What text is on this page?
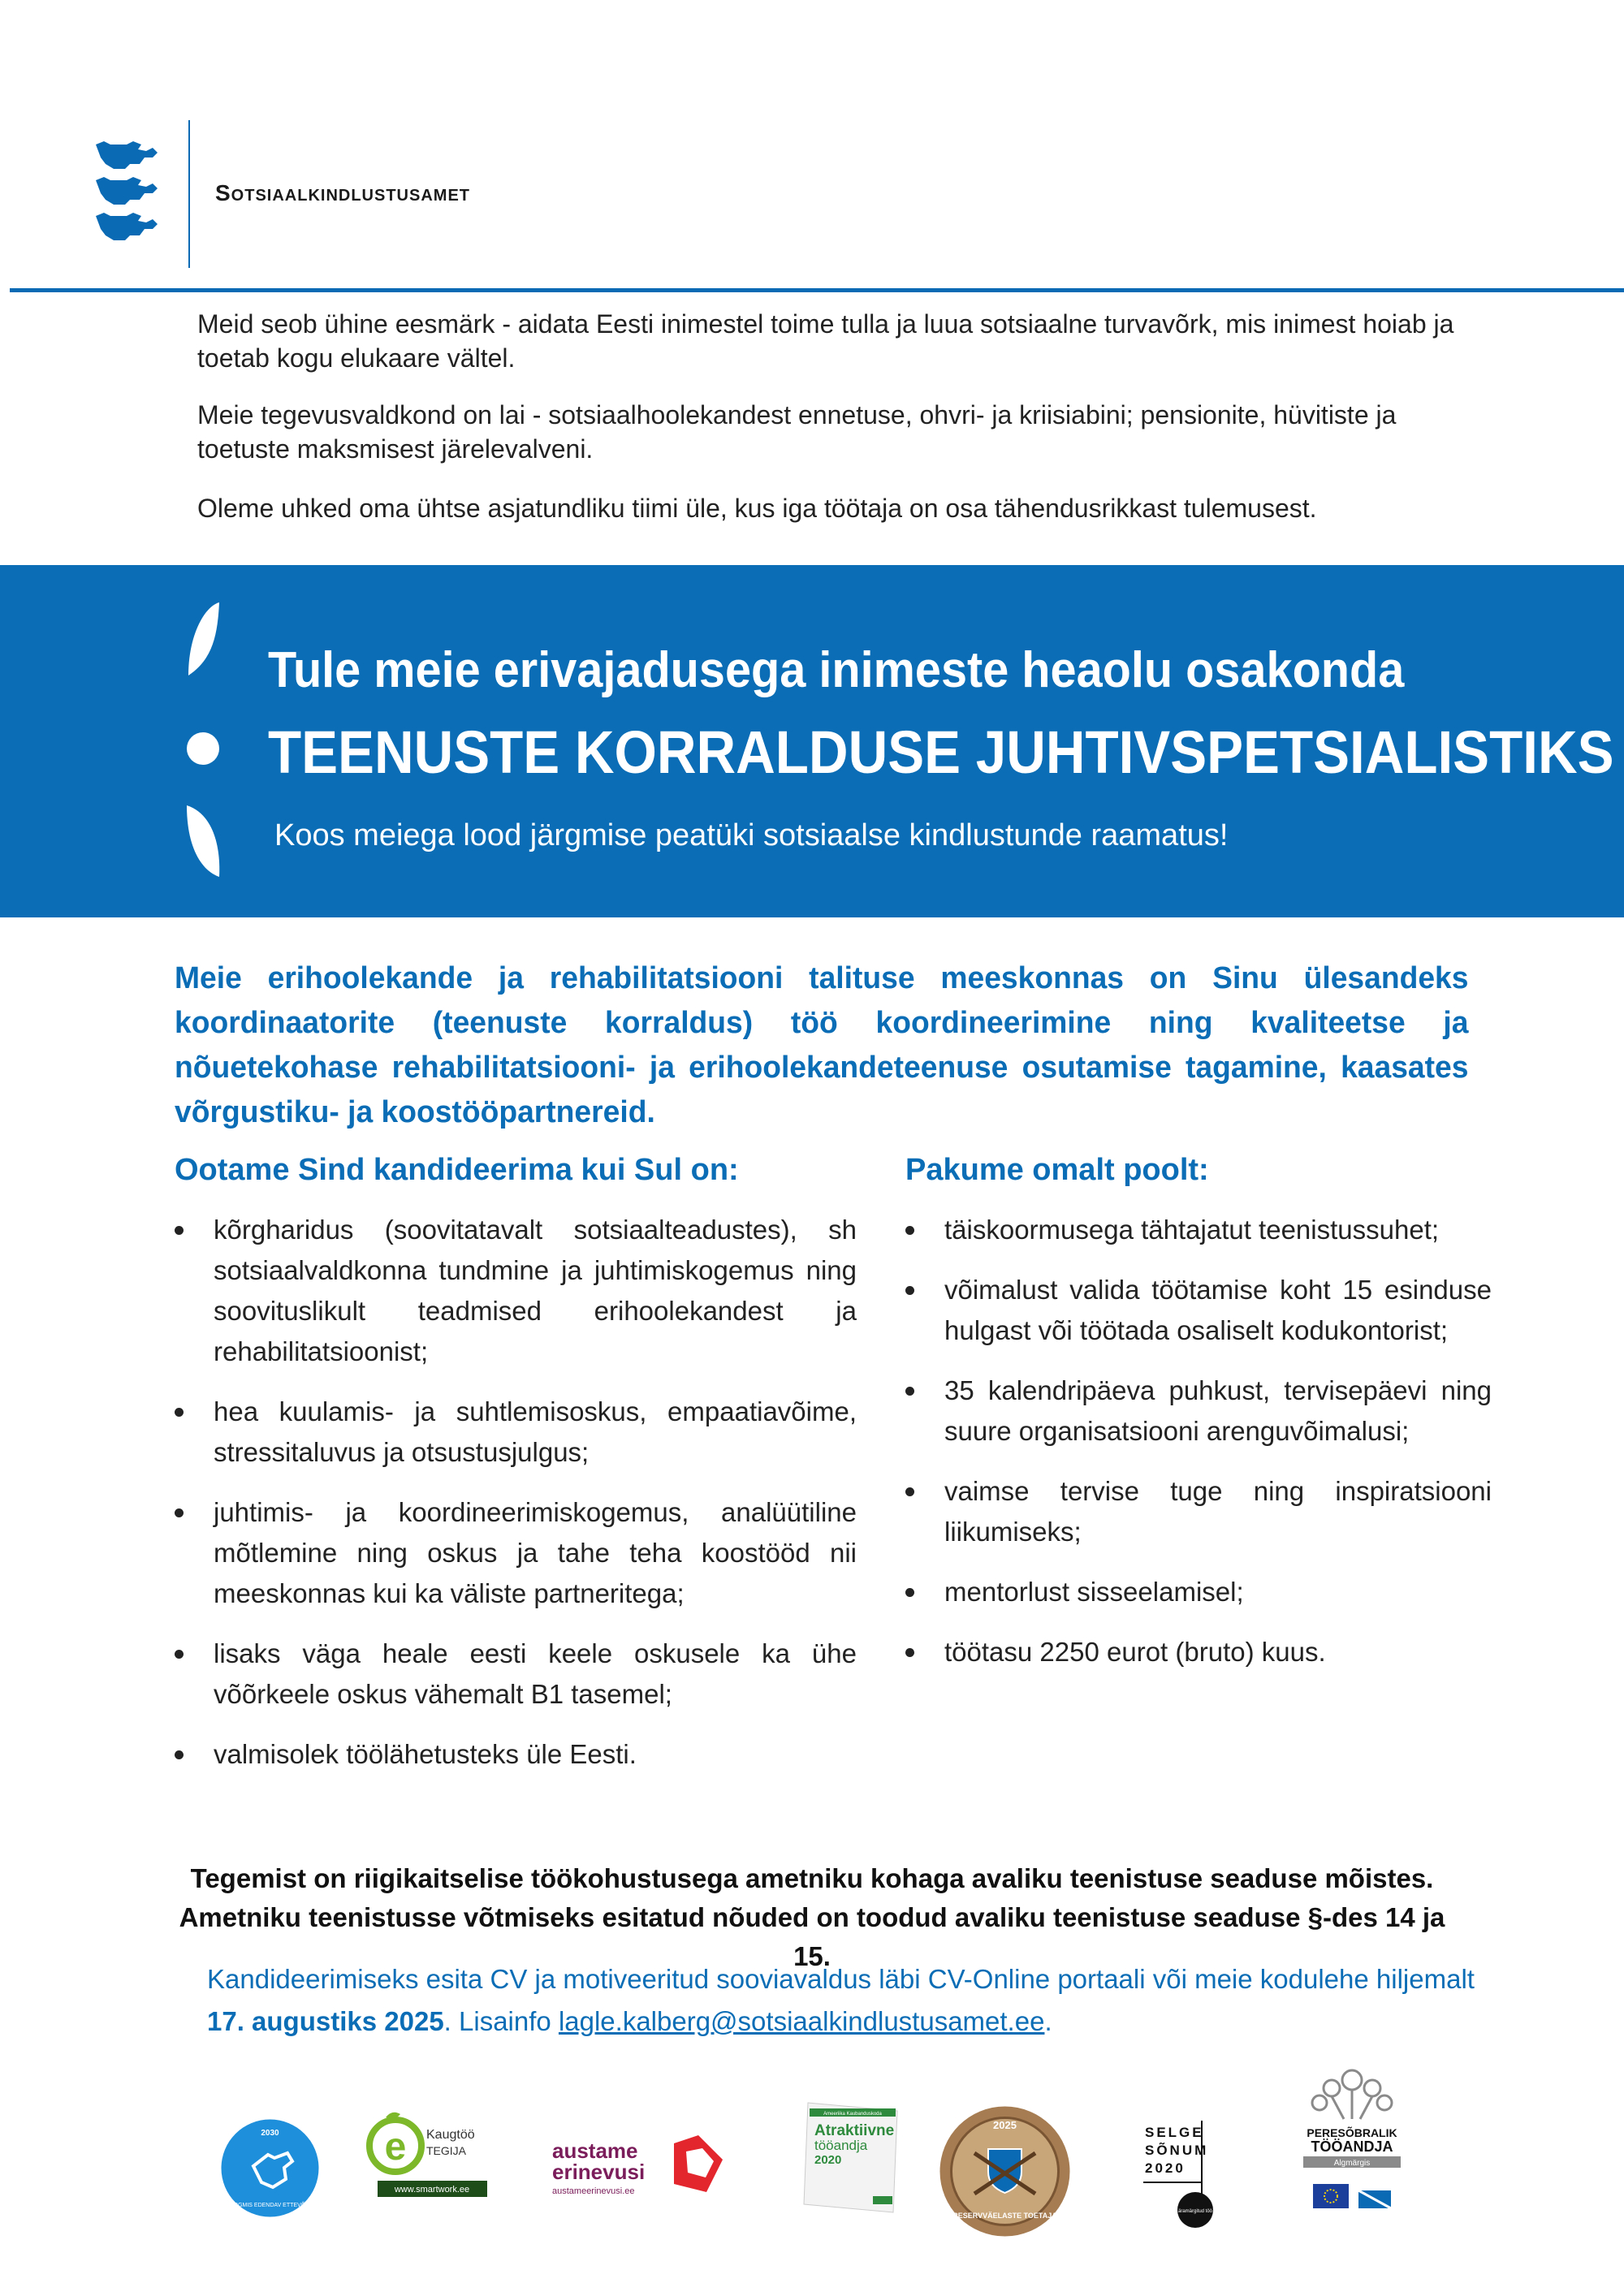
Sotsiaalkindlustusamet
Meid seob ühine eesmärk - aidata Eesti inimestel toime tulla ja luua sotsiaalne turvavõrk, mis inimest hoiab ja toetab kogu elukaare vältel.
Meie tegevusvaldkond on lai - sotsiaalhoolekandest ennetuse, ohvri- ja kriisiabini; pensionite, hüvitiste ja toetuste maksmisest järelevalveni.
Oleme uhked oma ühtse asjatundliku tiimi üle, kus iga töötaja on osa tähendusrikkast tulemusest.
Tule meie erivajadusega inimeste heaolu osakonda
TEENUSTE KORRALDUSE JUHTIVSPETSIALISTIKS
Koos meiega lood järgmise peatüki sotsiaalse kindlustunde raamatus!
Meie erihoolekande ja rehabilitatsiooni talituse meeskonnas on Sinu ülesandeks koordinaatorite (teenuste korraldus) töö koordineerimine ning kvaliteetse ja nõuetekohase rehabilitatsiooni- ja erihoolekandeteenuse osutamise tagamine, kaasates võrgustiku- ja koostööpartnereid.
Ootame Sind kandideerima kui Sul on:
kõrgharidus (soovitatavalt sotsiaalteadustes), sh sotsiaalvaldkonna tundmine ja juhtimiskogemus ning soovituslikult teadmised erihoolekandest ja rehabilitatsioonist;
hea kuulamis- ja suhtlemisoskus, empaatiavõime, stressitaluvus ja otsustusjulgus;
juhtimis- ja koordineerimiskogemus, analüütiline mõtlemine ning oskus ja tahe teha koostööd nii meeskonnas kui ka väliste partneritega;
lisaks väga heale eesti keele oskusele ka ühe võõrkeele oskus vähemalt B1 tasemel;
valmisolek töölähetusteks üle Eesti.
Pakume omalt poolt:
täiskoormusega tähtajatut teenistussuhet;
võimalust valida töötamise koht 15 esinduse hulgast või töötada osaliselt kodukontorist;
35 kalendripäeva puhkust, tervisepäevi ning suure organisatsiooni arenguvõimalusi;
vaimse tervise tuge ning inspiratsiooni liikumiseks;
mentorlust sisseelamisel;
töötasu 2250 eurot (bruto) kuus.
Tegemist on riigikaitselise töökohustusega ametniku kohaga avaliku teenistuse seaduse mõistes. Ametniku teenistusse võtmiseks esitatud nõuded on toodud avaliku teenistuse seaduse §-des 14 ja 15.
Kandideerimiseks esita CV ja motiveeritud sooviavaldus läbi CV-Online portaali või meie kodulehe hiljemalt
17. augustiks 2025. Lisainfo lagle.kalberg@sotsiaalkindlustusamet.ee.
2030
JÄRGMIS EDENDAV ETTEVÕTE
e Kaugtöö
TEGIJA
www.smartwork.ee
austame
erinevusi
austameerinevusi.ee
Ameeriika Kaubanduskoda
Atraktiivne
tööandja
2020
2025
RESERVVÄELASTE TOETAJA
SELGE
SÕNUM
2020
äramärgitud töö
PERESÕBRALIK
TÖÖANDJA
Algmärgis
